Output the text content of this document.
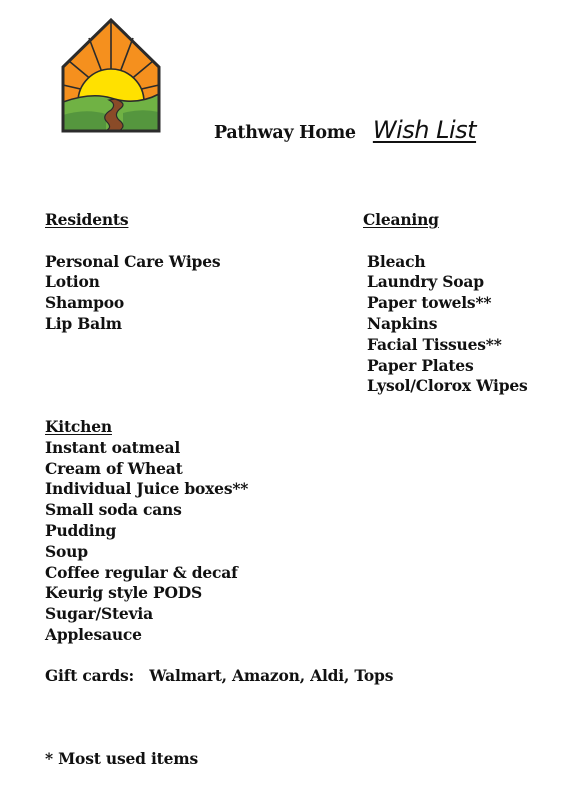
Pathway Home Wish List
Residents
Personal Care Wipes
Lotion
Shampoo
Lip Balm
Cleaning
Bleach
Laundry Soap
Paper towels**
Napkins
Facial Tissues**
Paper Plates
Lysol/Clorox Wipes
Kitchen
Instant oatmeal
Cream of Wheat
Individual Juice boxes**
Small soda cans
Pudding
Soup
Coffee regular & decaf
Keurig style PODS
Sugar/Stevia
Applesauce
Gift cards: Walmart, Amazon, Aldi, Tops
* Most used items
